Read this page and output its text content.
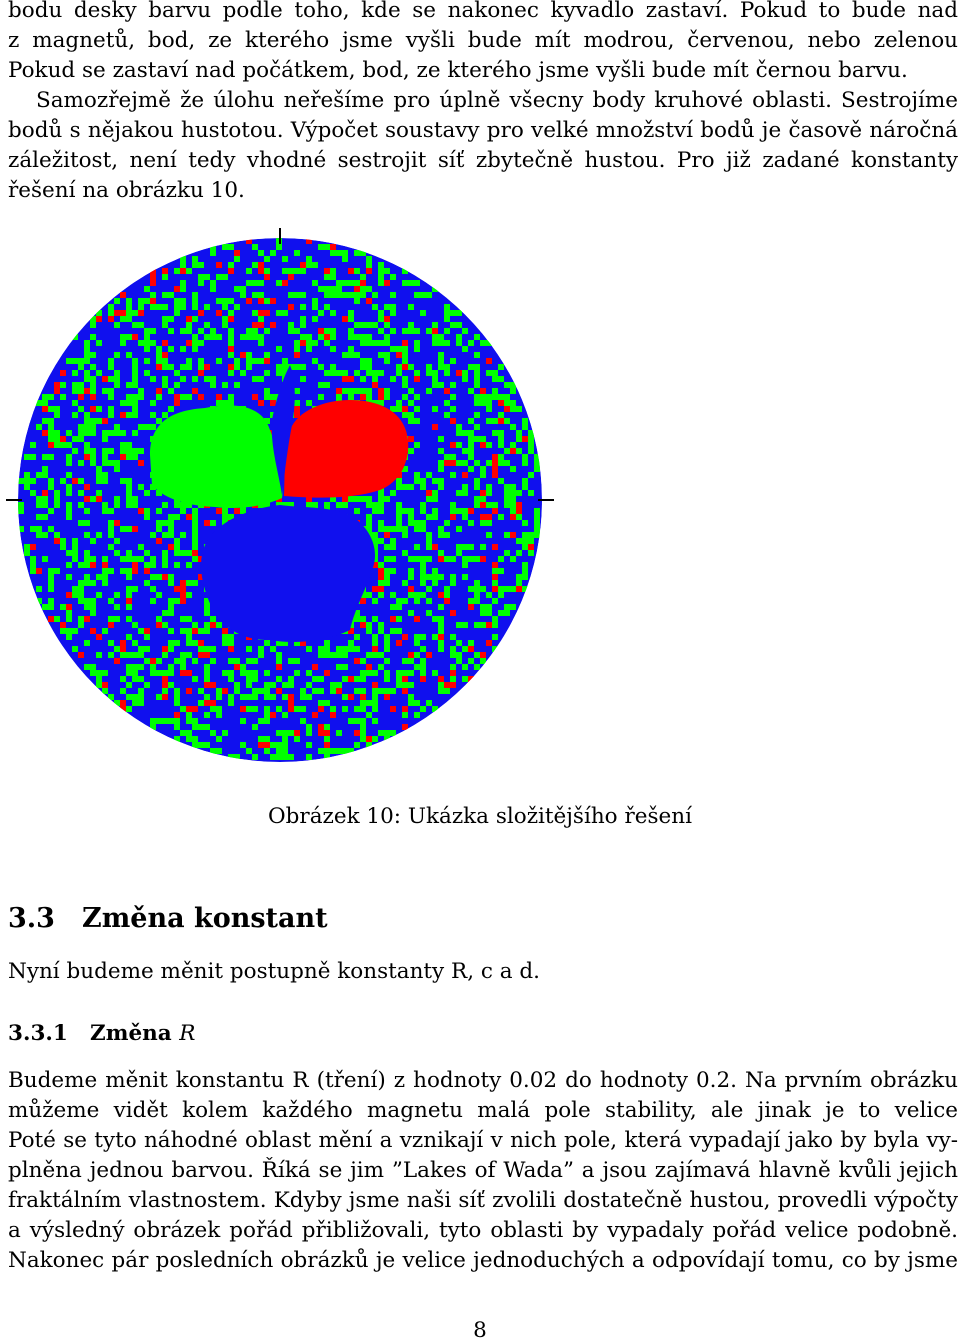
bodu desky barvu podle toho, kde se nakonec kyvadlo zastaví. Pokud to bude nad
z magnetů, bod, ze kterého jsme vyšli bude mít modrou, červenou, nebo zelenou
Pokud se zastaví nad počátkem, bod, ze kterého jsme vyšli bude mít černou barvu.
Samozřejmě že úlohu neřešíme pro úplně všecny body kruhové oblasti. Sestrojíme
bodů s nějakou hustotou. Výpočet soustavy pro velké množství bodů je časově náročná
záležitost, není tedy vhodné sestrojit síť zbytečně hustou. Pro již zadané konstanty
řešení na obrázku 10.
Obrázek 10: Ukázka složitějšího řešení
3.3 Změna konstant
Nyní budeme měnit postupně konstanty R, c a d.
3.3.1 Změna R
Budeme měnit konstantu R (tření) z hodnoty 0.02 do hodnoty 0.2. Na prvním obrázku
můžeme vidět kolem každého magnetu malá pole stability, ale jinak je to velice
Poté se tyto náhodné oblast mění a vznikají v nich pole, která vypadají jako by byla vy-
plněna jednou barvou. Říká se jim ”Lakes of Wada” a jsou zajímavá hlavně kvůli jejich
fraktálním vlastnostem. Kdyby jsme naši síť zvolili dostatečně hustou, provedli výpočty
a výsledný obrázek pořád přibližovali, tyto oblasti by vypadaly pořád velice podobně.
Nakonec pár posledních obrázků je velice jednoduchých a odpovídají tomu, co by jsme
8
